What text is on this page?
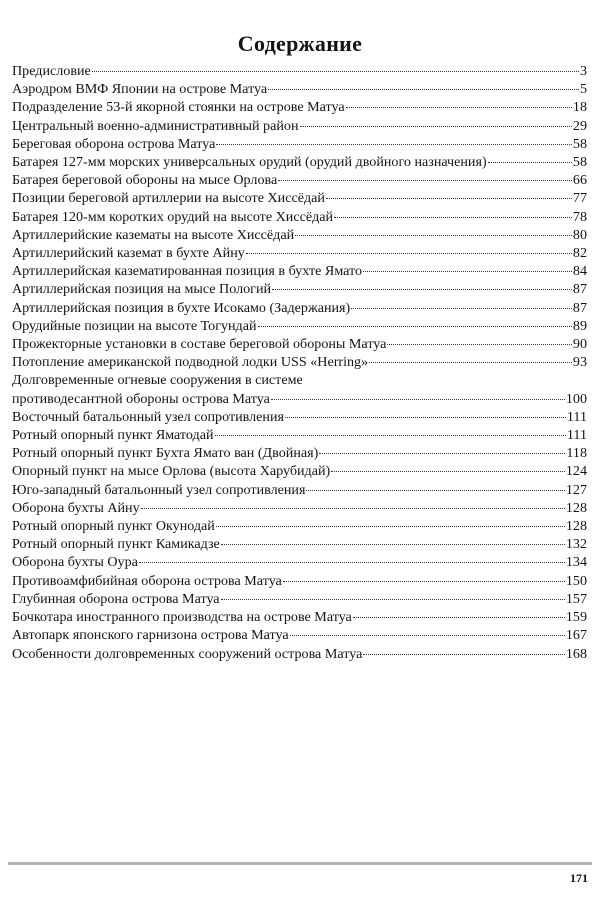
Содержание
Предисловие	3
Аэродром ВМФ Японии на острове Матуа	5
Подразделение 53-й якорной стоянки на острове Матуа	18
Центральный военно-административный район	29
Береговая оборона острова Матуа	58
Батарея 127-мм морских универсальных орудий (орудий двойного назначения)	58
Батарея береговой обороны на мысе Орлова	66
Позиции береговой артиллерии на высоте Хиссёдай	77
Батарея 120-мм коротких орудий на высоте Хиссёдай	78
Артиллерийские казематы на высоте Хиссёдай	80
Артиллерийский каземат в бухте Айну	82
Артиллерийская казематированная позиция в бухте Ямато	84
Артиллерийская позиция на мысе Пологий	87
Артиллерийская позиция в бухте Исокамо (Задержания)	87
Орудийные позиции на высоте Тогундай	89
Прожекторные установки в составе береговой обороны Матуа	90
Потопление американской подводной лодки USS «Herring»	93
Долговременные огневые сооружения в системе
противодесантной обороны острова Матуа	100
Восточный батальонный узел сопротивления	111
Ротный опорный пункт Яматодай	111
Ротный опорный пункт Бухта Ямато ван (Двойная)	118
Опорный пункт на мысе Орлова (высота Харубидай)	124
Юго-западный батальонный узел сопротивления	127
Оборона бухты Айну	128
Ротный опорный пункт Окунодай	128
Ротный опорный пункт Камикадзе	132
Оборона бухты Оура	134
Противоамфибийная оборона острова Матуа	150
Глубинная оборона острова Матуа	157
Бочкотара иностранного производства на острове Матуа	159
Автопарк японского гарнизона острова Матуа	167
Особенности долговременных сооружений острова Матуа	168
171
